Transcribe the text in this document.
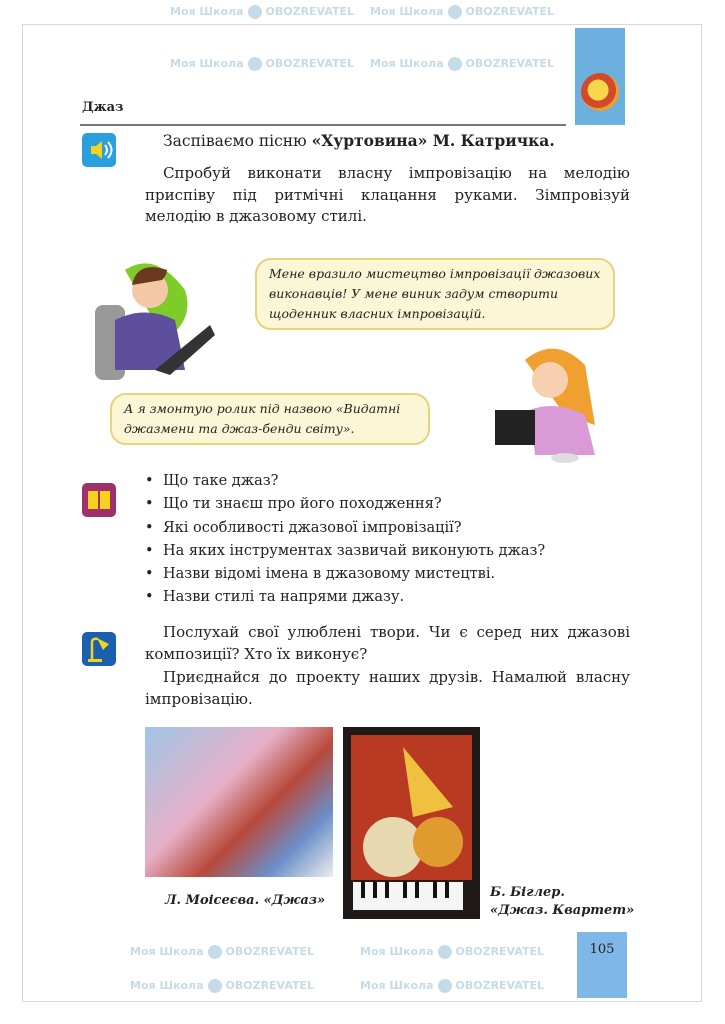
Моя Школа OBOZREVATEL Моя Школа OBOZREVATEL
Моя Школа OBOZREVATEL Моя Школа OBOZREVATEL
Моя Школа OBOZREVATEL	Моя Школа OBOZREVATEL
Моя Школа OBOZREVATEL	Моя Школа OBOZREVATEL
Джаз
Заспіваємо пісню «Хуртовина» М. Катричка.
Спробуй виконати власну імпровізацію на мелодію приспіву під ритмічні клацання руками. Зімпровізуй мелодію в джазовому стилі.
Мене вразило мистецтво імпровізації джазових виконавців! У мене виник задум створити щоденник власних імпровізацій.
А я змонтую ролик під назвою «Видатні джазмени та джаз-бенди світу».
• Що таке джаз?
• Що ти знаєш про його походження?
• Які особливості джазової імпровізації?
• На яких інструментах зазвичай виконують джаз?
• Назви відомі імена в джазовому мистецтві.
• Назви стилі та напрями джазу.
Послухай свої улюблені твори. Чи є серед них джазові композиції? Хто їх виконує?
Приєднайся до проекту наших друзів. Намалюй власну імпровізацію.
Л. Моісеєва. «Джаз»
Б. Біглер.
«Джаз. Квартет»
105
